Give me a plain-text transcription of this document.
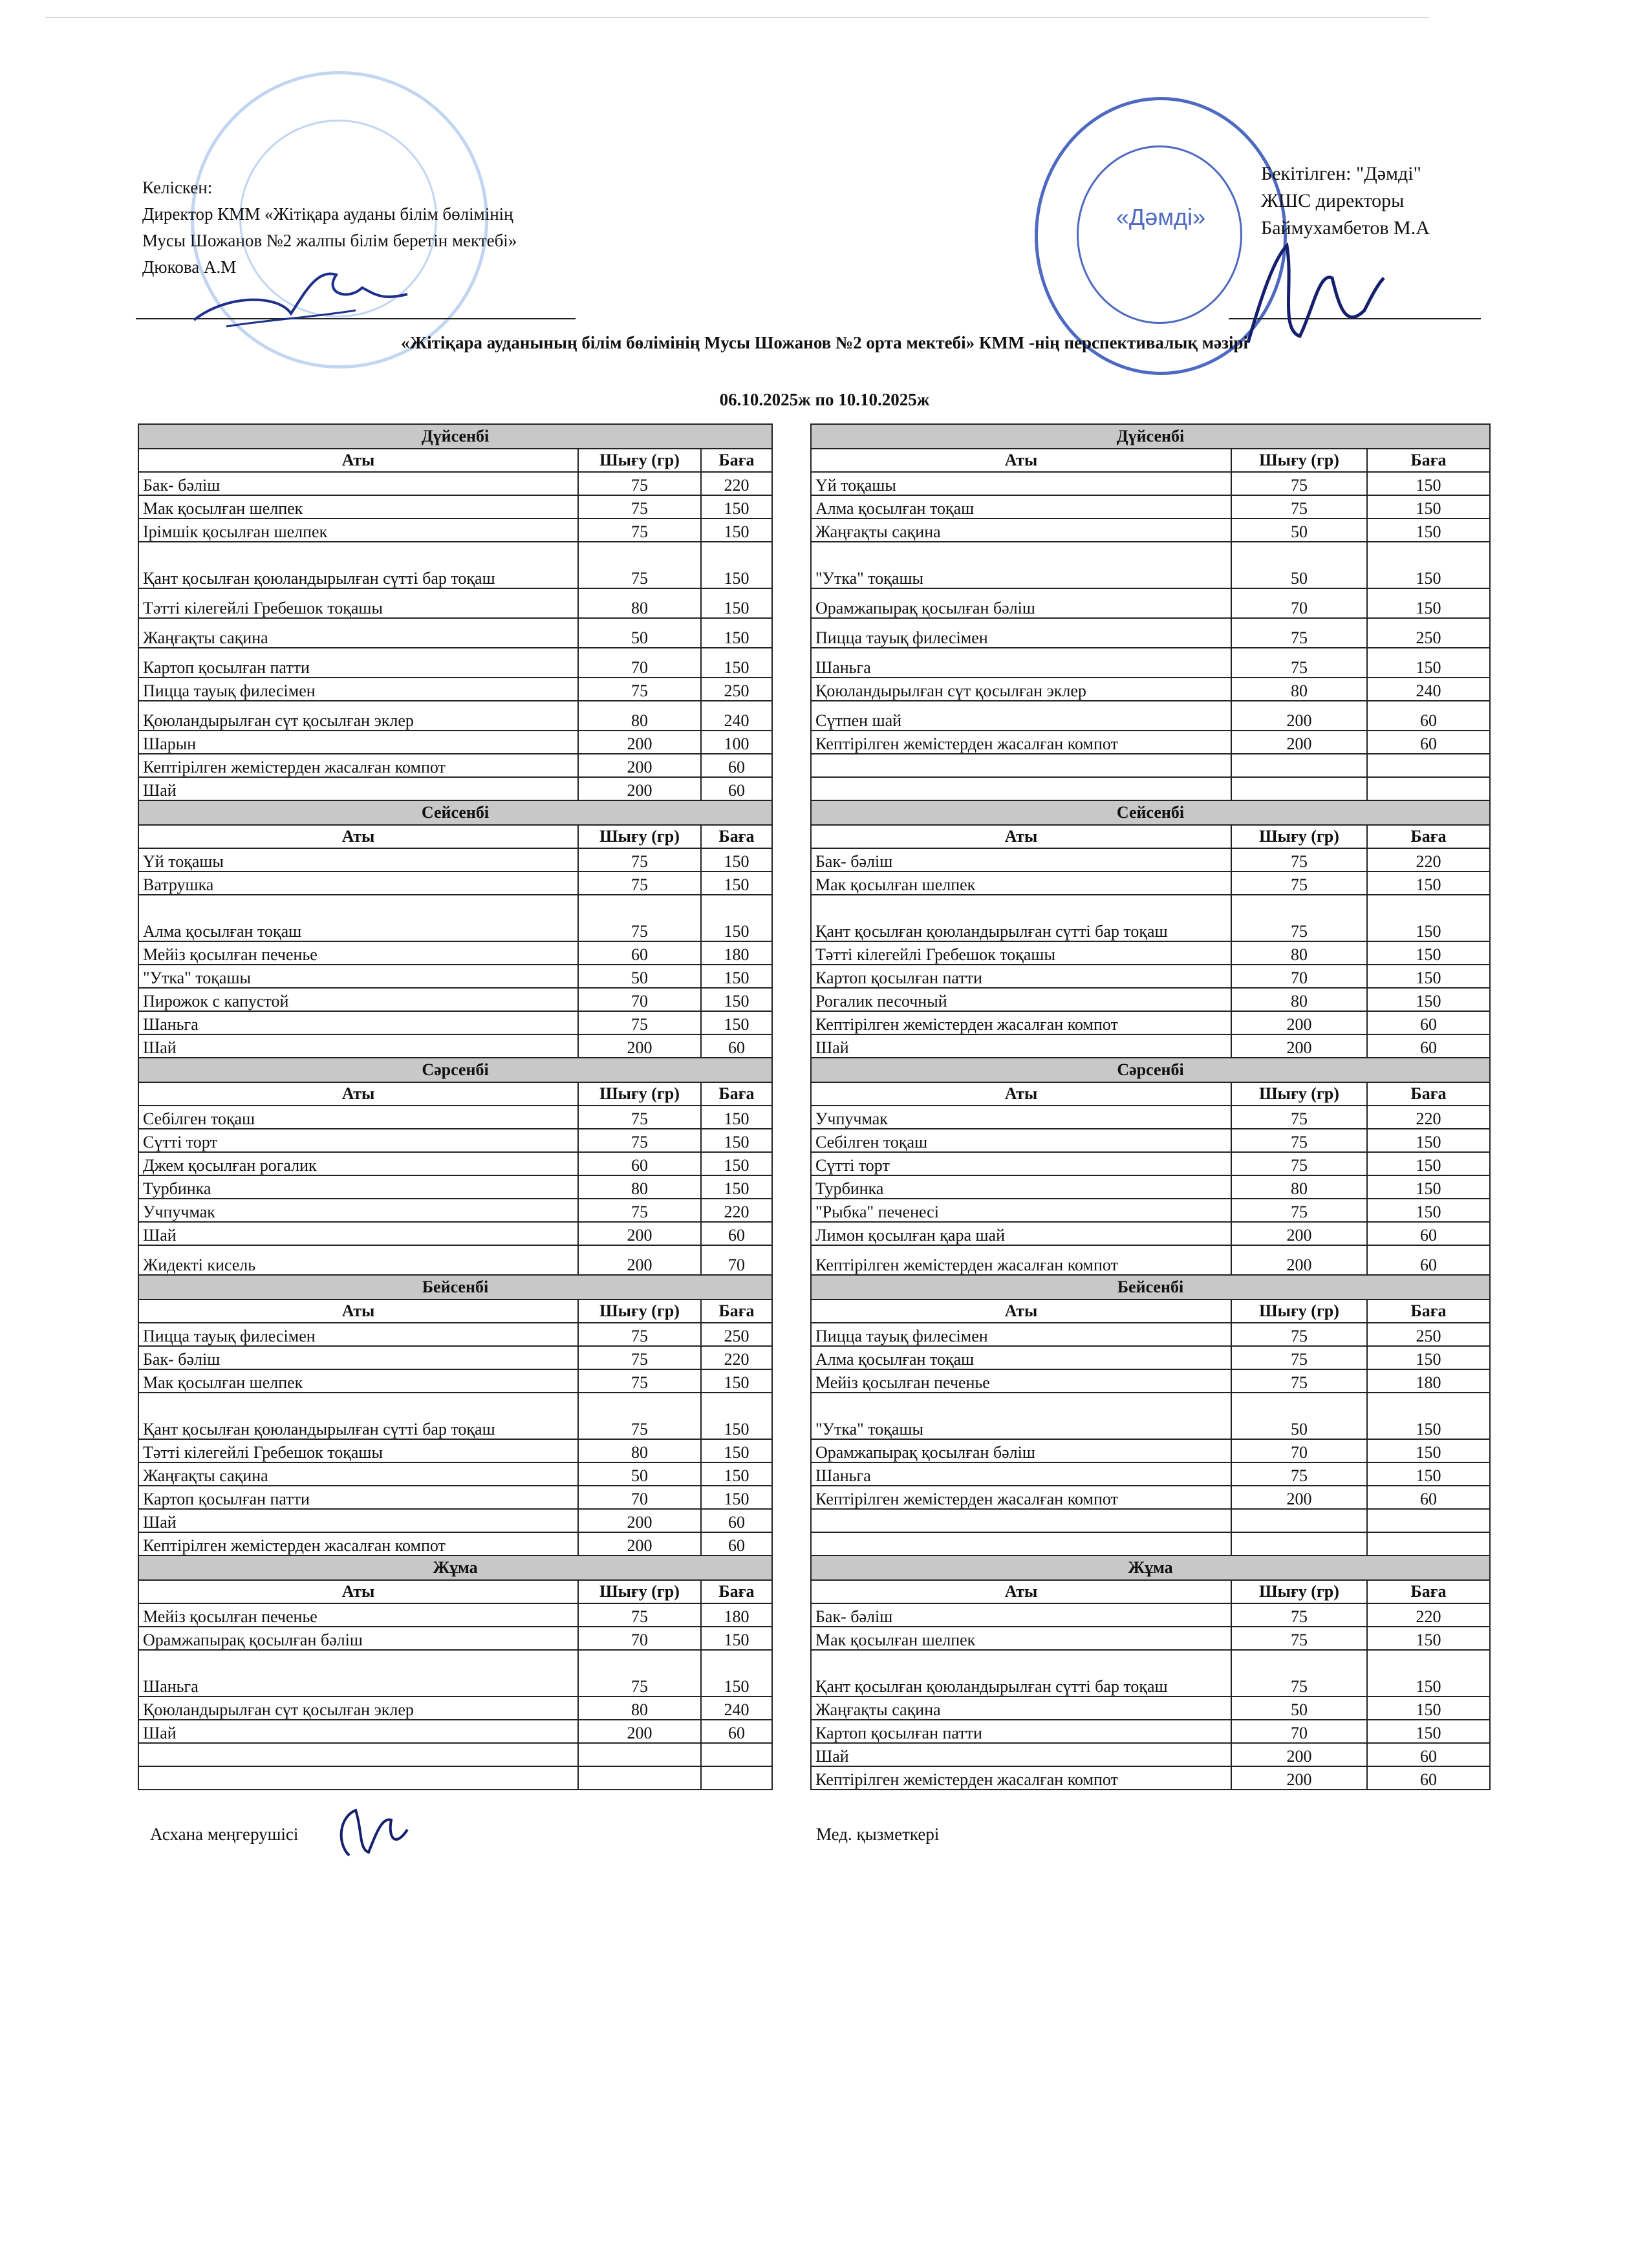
«Дәмді»
Келіскен:
Директор КММ «Жітіқара ауданы білім бөлімінің
Мусы Шожанов №2 жалпы білім беретін мектебі»
Дюкова А.М
Бекітілген: "Дәмді"
ЖШС директоры
Баймухамбетов М.А
«Жітіқара ауданының білім бөлімінің Мусы Шожанов №2 орта мектебі» КММ -нің перспективалық мәзірі
06.10.2025ж по 10.10.2025ж
Дүйсенбі		
Аты	Шығу (гр)	Баға
Бак- бәліш	75	220
Мак қосылған шелпек	75	150
Ірімшік қосылған шелпек	75	150
Қант қосылған қоюландырылған сүтті бар тоқаш	75	150
Тәтті кілегейлі Гребешок тоқашы	80	150
Жаңғақты сақина	50	150
Картоп қосылған патти	70	150
Пицца тауық филесімен	75	250
Қоюландырылған сүт қосылған эклер	80	240
Шарын	200	100
Кептірілген жемістерден жасалған компот	200	60
Шай	200	60
Сейсенбі		
Аты	Шығу (гр)	Баға
Үй тоқашы	75	150
Ватрушка	75	150
Алма қосылған тоқаш	75	150
Мейіз қосылған печенье	60	180
"Утка" тоқашы	50	150
Пирожок с капустой	70	150
Шаньга	75	150
Шай	200	60
Сәрсенбі		
Аты	Шығу (гр)	Баға
Себілген тоқаш	75	150
Сүтті торт	75	150
Джем қосылған рогалик	60	150
Турбинка	80	150
Учпучмак	75	220
Шай	200	60
Жидекті кисель	200	70
Бейсенбі		
Аты	Шығу (гр)	Баға
Пицца тауық филесімен	75	250
Бак- бәліш	75	220
Мак қосылған шелпек	75	150
Қант қосылған қоюландырылған сүтті бар тоқаш	75	150
Тәтті кілегейлі Гребешок тоқашы	80	150
Жаңғақты сақина	50	150
Картоп қосылған патти	70	150
Шай	200	60
Кептірілген жемістерден жасалған компот	200	60
Жұма		
Аты	Шығу (гр)	Баға
Мейіз қосылған печенье	75	180
Орамжапырақ қосылған бәліш	70	150
Шаньга	75	150
Қоюландырылған сүт қосылған эклер	80	240
Шай	200	60

Дүйсенбі		
Аты	Шығу (гр)	Баға
Үй тоқашы	75	150
Алма қосылған тоқаш	75	150
Жаңғақты сақина	50	150
"Утка" тоқашы	50	150
Орамжапырақ қосылған бәліш	70	150
Пицца тауық филесімен	75	250
Шаньга	75	150
Қоюландырылған сүт қосылған эклер	80	240
Сүтпен шай	200	60
Кептірілген жемістерден жасалған компот	200	60

Сейсенбі		
Аты	Шығу (гр)	Баға
Бак- бәліш	75	220
Мак қосылған шелпек	75	150
Қант қосылған қоюландырылған сүтті бар тоқаш	75	150
Тәтті кілегейлі Гребешок тоқашы	80	150
Картоп қосылған патти	70	150
Рогалик песочный	80	150
Кептірілген жемістерден жасалған компот	200	60
Шай	200	60
Сәрсенбі		
Аты	Шығу (гр)	Баға
Учпучмак	75	220
Себілген тоқаш	75	150
Сүтті торт	75	150
Турбинка	80	150
"Рыбка" печенесі	75	150
Лимон қосылған қара шай	200	60
Кептірілген жемістерден жасалған компот	200	60
Бейсенбі		
Аты	Шығу (гр)	Баға
Пицца тауық филесімен	75	250
Алма қосылған тоқаш	75	150
Мейіз қосылған печенье	75	180
"Утка" тоқашы	50	150
Орамжапырақ қосылған бәліш	70	150
Шаньга	75	150
Кептірілген жемістерден жасалған компот	200	60

Жұма		
Аты	Шығу (гр)	Баға
Бак- бәліш	75	220
Мак қосылған шелпек	75	150
Қант қосылған қоюландырылған сүтті бар тоқаш	75	150
Жаңғақты сақина	50	150
Картоп қосылған патти	70	150
Шай	200	60
Кептірілген жемістерден жасалған компот	200	60
Асхана меңгерушісі	Мед. қызметкері
